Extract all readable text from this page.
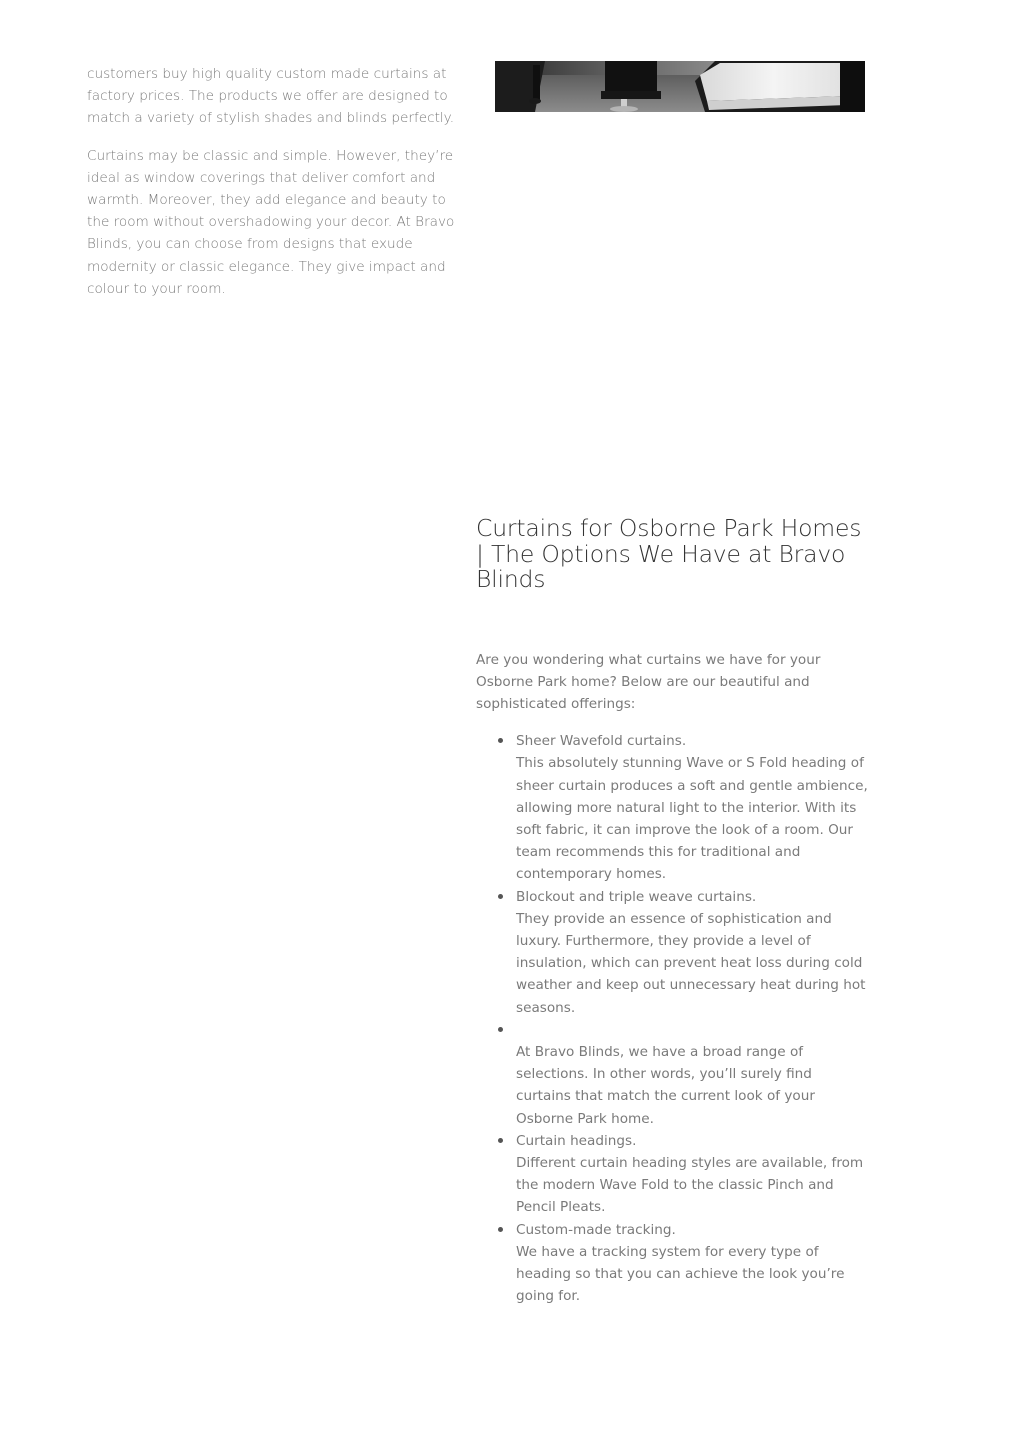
customers buy high quality custom made curtains at factory prices. The products we offer are designed to match a variety of stylish shades and blinds perfectly.

Curtains may be classic and simple. However, they’re ideal as window coverings that deliver comfort and warmth. Moreover, they add elegance and beauty to the room without overshadowing your decor. At Bravo Blinds, you can choose from designs that exude modernity or classic elegance. They give impact and colour to your room.

Curtains for Osborne Park Homes | The Options We Have at Bravo Blinds

Are you wondering what curtains we have for your Osborne Park home? Below are our beautiful and sophisticated offerings:

Sheer Wavefold curtains.
This absolutely stunning Wave or S Fold heading of sheer curtain produces a soft and gentle ambience, allowing more natural light to the interior. With its soft fabric, it can improve the look of a room. Our team recommends this for traditional and contemporary homes.
Blockout and triple weave curtains.
They provide an essence of sophistication and luxury. Furthermore, they provide a level of insulation, which can prevent heat loss during cold weather and keep out unnecessary heat during hot seasons.
At Bravo Blinds, we have a broad range of selections. In other words, you’ll surely find curtains that match the current look of your Osborne Park home.
Curtain headings.
Different curtain heading styles are available, from the modern Wave Fold to the classic Pinch and Pencil Pleats.
Custom-made tracking.
We have a tracking system for every type of heading so that you can achieve the look you’re going for.
